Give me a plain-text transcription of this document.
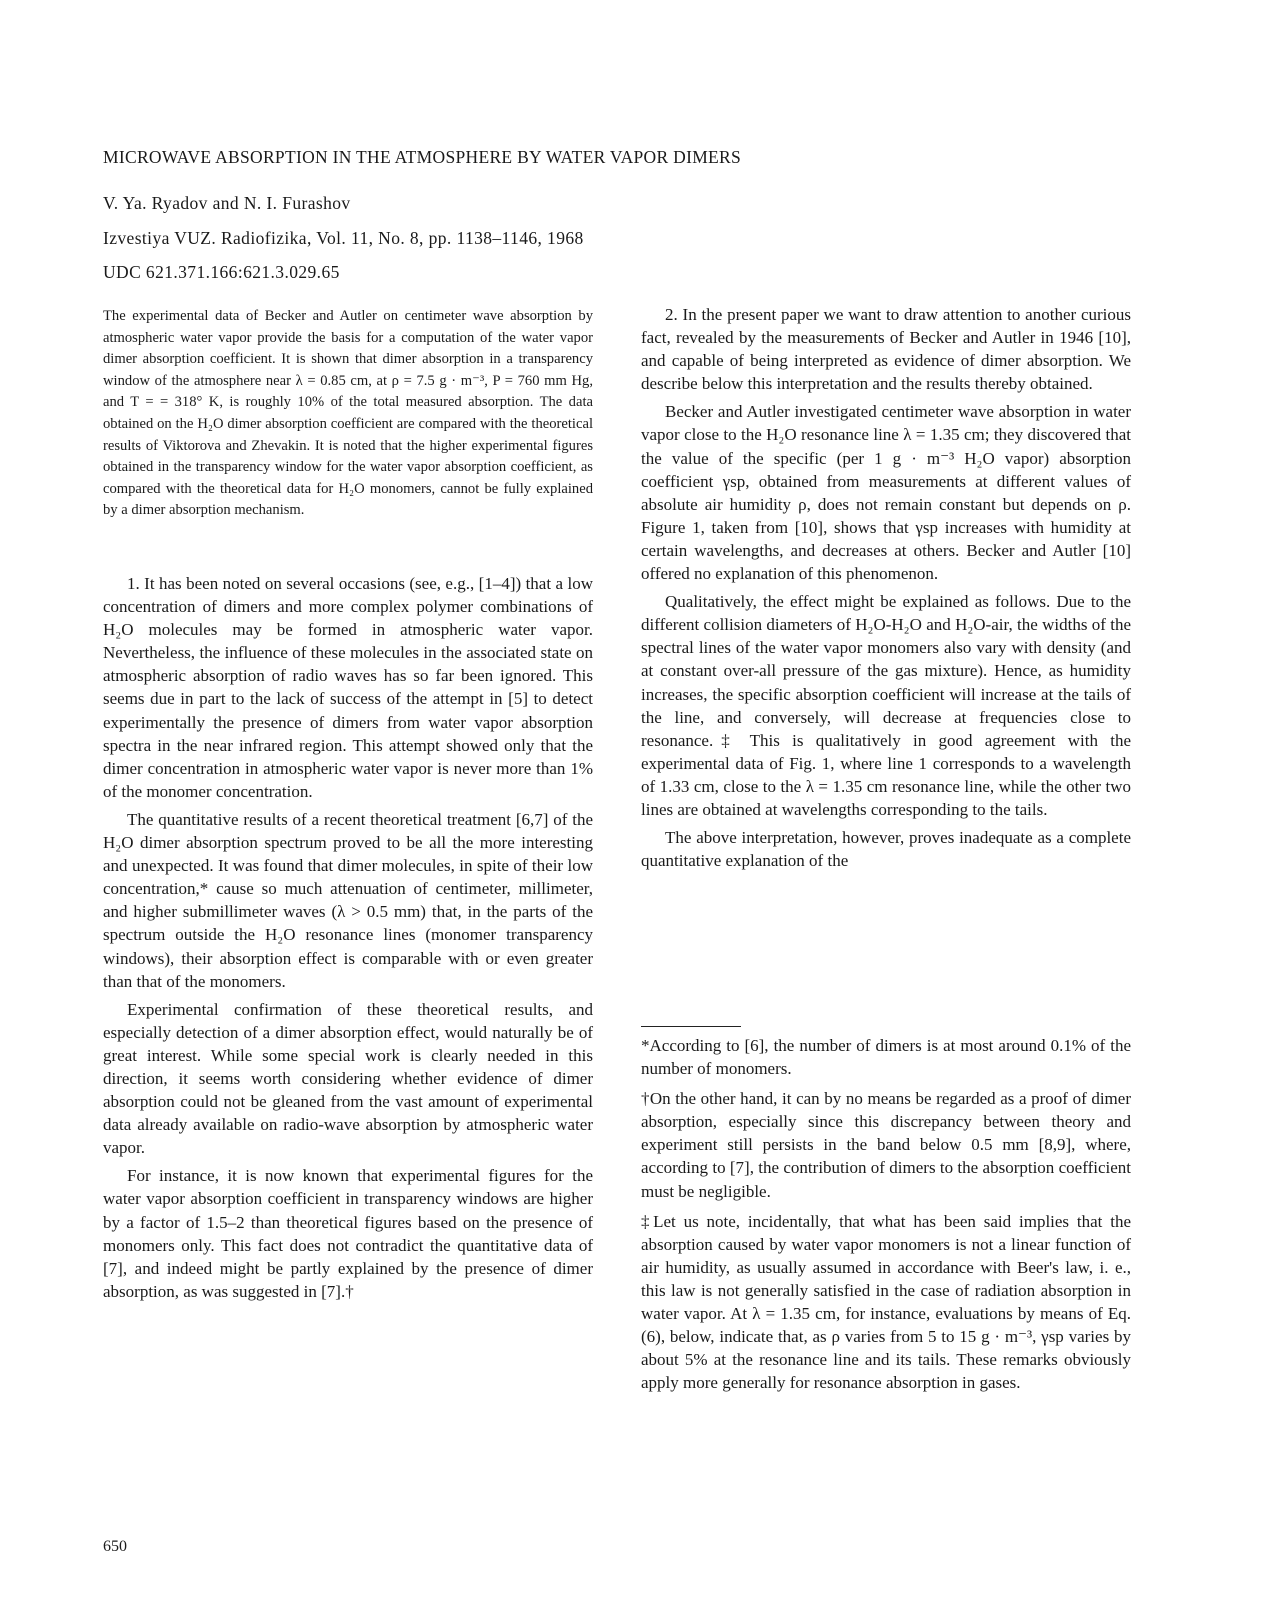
MICROWAVE ABSORPTION IN THE ATMOSPHERE BY WATER VAPOR DIMERS
V. Ya. Ryadov and N. I. Furashov
Izvestiya VUZ. Radiofizika, Vol. 11, No. 8, pp. 1138–1146, 1968
UDC 621.371.166:621.3.029.65
The experimental data of Becker and Autler on centimeter wave absorption by atmospheric water vapor provide the basis for a computation of the water vapor dimer absorption coefficient. It is shown that dimer absorption in a transparency window of the atmosphere near λ = 0.85 cm, at ρ = 7.5 g · m⁻³, P = 760 mm Hg, and T = = 318° K, is roughly 10% of the total measured absorption. The data obtained on the H₂O dimer absorption coefficient are compared with the theoretical results of Viktorova and Zhevakin. It is noted that the higher experimental figures obtained in the transparency window for the water vapor absorption coefficient, as compared with the theoretical data for H₂O monomers, cannot be fully explained by a dimer absorption mechanism.

1. It has been noted on several occasions (see, e.g., [1–4]) that a low concentration of dimers and more complex polymer combinations of H₂O molecules may be formed in atmospheric water vapor. Nevertheless, the influence of these molecules in the associated state on atmospheric absorption of radio waves has so far been ignored. This seems due in part to the lack of success of the attempt in [5] to detect experimentally the presence of dimers from water vapor absorption spectra in the near infrared region. This attempt showed only that the dimer concentration in atmospheric water vapor is never more than 1% of the monomer concentration.

The quantitative results of a recent theoretical treatment [6,7] of the H₂O dimer absorption spectrum proved to be all the more interesting and unexpected. It was found that dimer molecules, in spite of their low concentration,* cause so much attenuation of centimeter, millimeter, and higher submillimeter waves (λ > 0.5 mm) that, in the parts of the spectrum outside the H₂O resonance lines (monomer transparency windows), their absorption effect is comparable with or even greater than that of the monomers.

Experimental confirmation of these theoretical results, and especially detection of a dimer absorption effect, would naturally be of great interest. While some special work is clearly needed in this direction, it seems worth considering whether evidence of dimer absorption could not be gleaned from the vast amount of experimental data already available on radio-wave absorption by atmospheric water vapor.

For instance, it is now known that experimental figures for the water vapor absorption coefficient in transparency windows are higher by a factor of 1.5–2 than theoretical figures based on the presence of monomers only. This fact does not contradict the quantitative data of [7], and indeed might be partly explained by the presence of dimer absorption, as was suggested in [7].†

2. In the present paper we want to draw attention to another curious fact, revealed by the measurements of Becker and Autler in 1946 [10], and capable of being interpreted as evidence of dimer absorption. We describe below this interpretation and the results thereby obtained.

Becker and Autler investigated centimeter wave absorption in water vapor close to the H₂O resonance line λ = 1.35 cm; they discovered that the value of the specific (per 1 g · m⁻³ H₂O vapor) absorption coefficient γsp, obtained from measurements at different values of absolute air humidity ρ, does not remain constant but depends on ρ. Figure 1, taken from [10], shows that γsp increases with humidity at certain wavelengths, and decreases at others. Becker and Autler [10] offered no explanation of this phenomenon.

Qualitatively, the effect might be explained as follows. Due to the different collision diameters of H₂O-H₂O and H₂O-air, the widths of the spectral lines of the water vapor monomers also vary with density (and at constant over-all pressure of the gas mixture). Hence, as humidity increases, the specific absorption coefficient will increase at the tails of the line, and conversely, will decrease at frequencies close to resonance.‡ This is qualitatively in good agreement with the experimental data of Fig. 1, where line 1 corresponds to a wavelength of 1.33 cm, close to the λ = 1.35 cm resonance line, while the other two lines are obtained at wavelengths corresponding to the tails.

The above interpretation, however, proves inadequate as a complete quantitative explanation of the

*According to [6], the number of dimers is at most around 0.1% of the number of monomers.

†On the other hand, it can by no means be regarded as a proof of dimer absorption, especially since this discrepancy between theory and experiment still persists in the band below 0.5 mm [8,9], where, according to [7], the contribution of dimers to the absorption coefficient must be negligible.

‡Let us note, incidentally, that what has been said implies that the absorption caused by water vapor monomers is not a linear function of air humidity, as usually assumed in accordance with Beer's law, i. e., this law is not generally satisfied in the case of radiation absorption in water vapor. At λ = 1.35 cm, for instance, evaluations by means of Eq. (6), below, indicate that, as ρ varies from 5 to 15 g · m⁻³, γsp varies by about 5% at the resonance line and its tails. These remarks obviously apply more generally for resonance absorption in gases.

650
